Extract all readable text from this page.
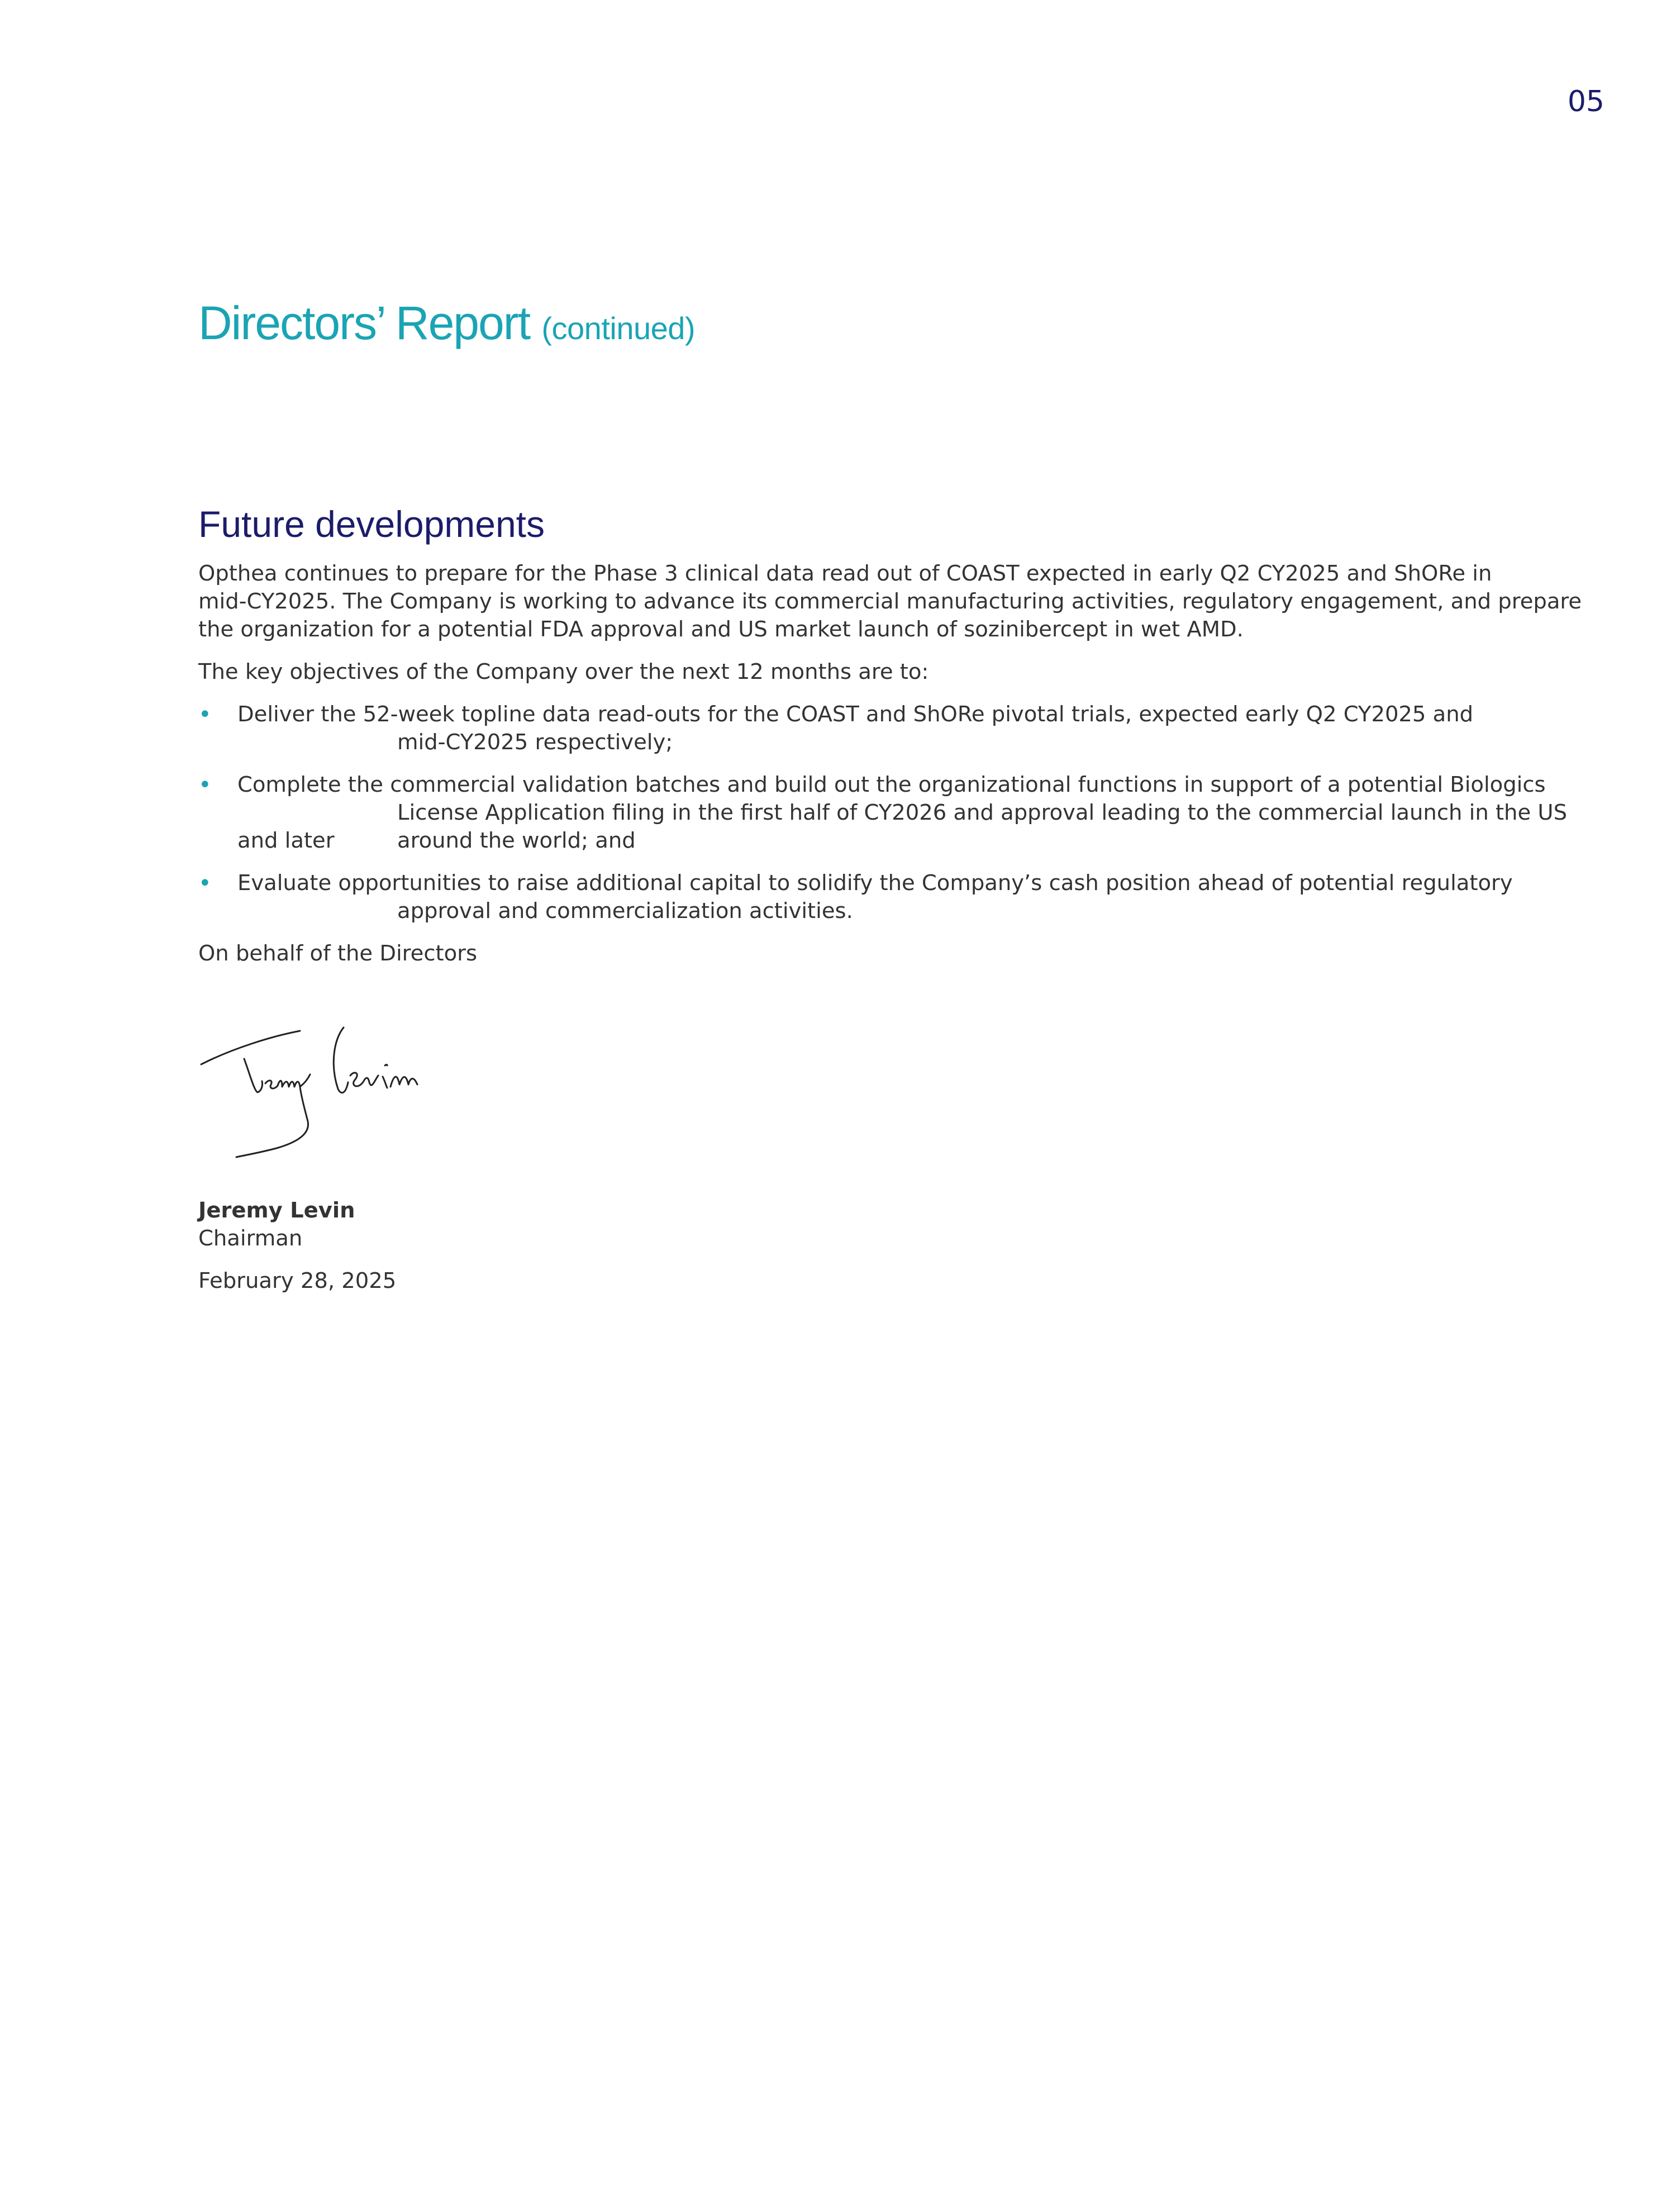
05
Directors’ Report (continued)
Future developments

Opthea continues to prepare for the Phase 3 clinical data read out of COAST expected in early Q2 CY2025 and ShORe in
mid-CY2025. The Company is working to advance its commercial manufacturing activities, regulatory engagement, and prepare
the organization for a potential FDA approval and US market launch of sozinibercept in wet AMD.

The key objectives of the Company over the next 12 months are to:

• Deliver the 52-week topline data read-outs for the COAST and ShORe pivotal trials, expected early Q2 CY2025 and
mid-CY2025 respectively;
• Complete the commercial validation batches and build out the organizational functions in support of a potential Biologics
License Application filing in the first half of CY2026 and approval leading to the commercial launch in the US
and later	around the world; and
• Evaluate opportunities to raise additional capital to solidify the Company’s cash position ahead of potential regulatory
approval and commercialization activities.

On behalf of the Directors

Jeremy Levin
Chairman
February 28, 2025
